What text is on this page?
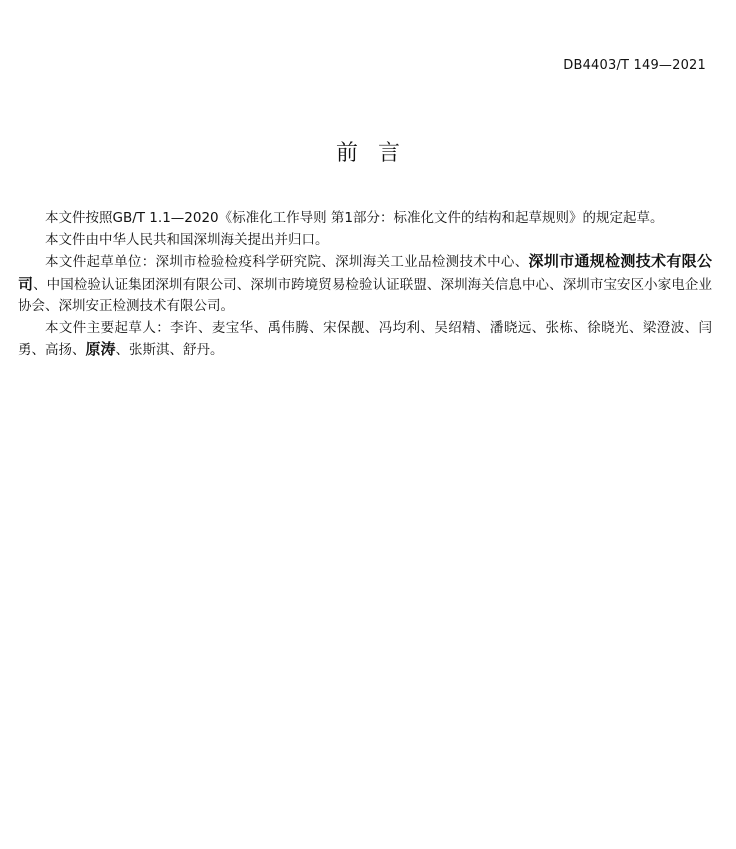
DB4403/T 149—2021
前言

本文件按照GB/T 1.1—2020《标准化工作导则 第1部分：标准化文件的结构和起草规则》的规定起草。

本文件由中华人民共和国深圳海关提出并归口。

本文件起草单位：深圳市检验检疫科学研究院、深圳海关工业品检测技术中心、深圳市通规检测技术有限公司、中国检验认证集团深圳有限公司、深圳市跨境贸易检验认证联盟、深圳海关信息中心、深圳市宝安区小家电企业协会、深圳安正检测技术有限公司。

本文件主要起草人：李许、麦宝华、禹伟腾、宋保靓、冯均利、吴绍精、潘晓远、张栋、徐晓光、梁澄波、闫勇、高扬、原涛、张斯淇、舒丹。
